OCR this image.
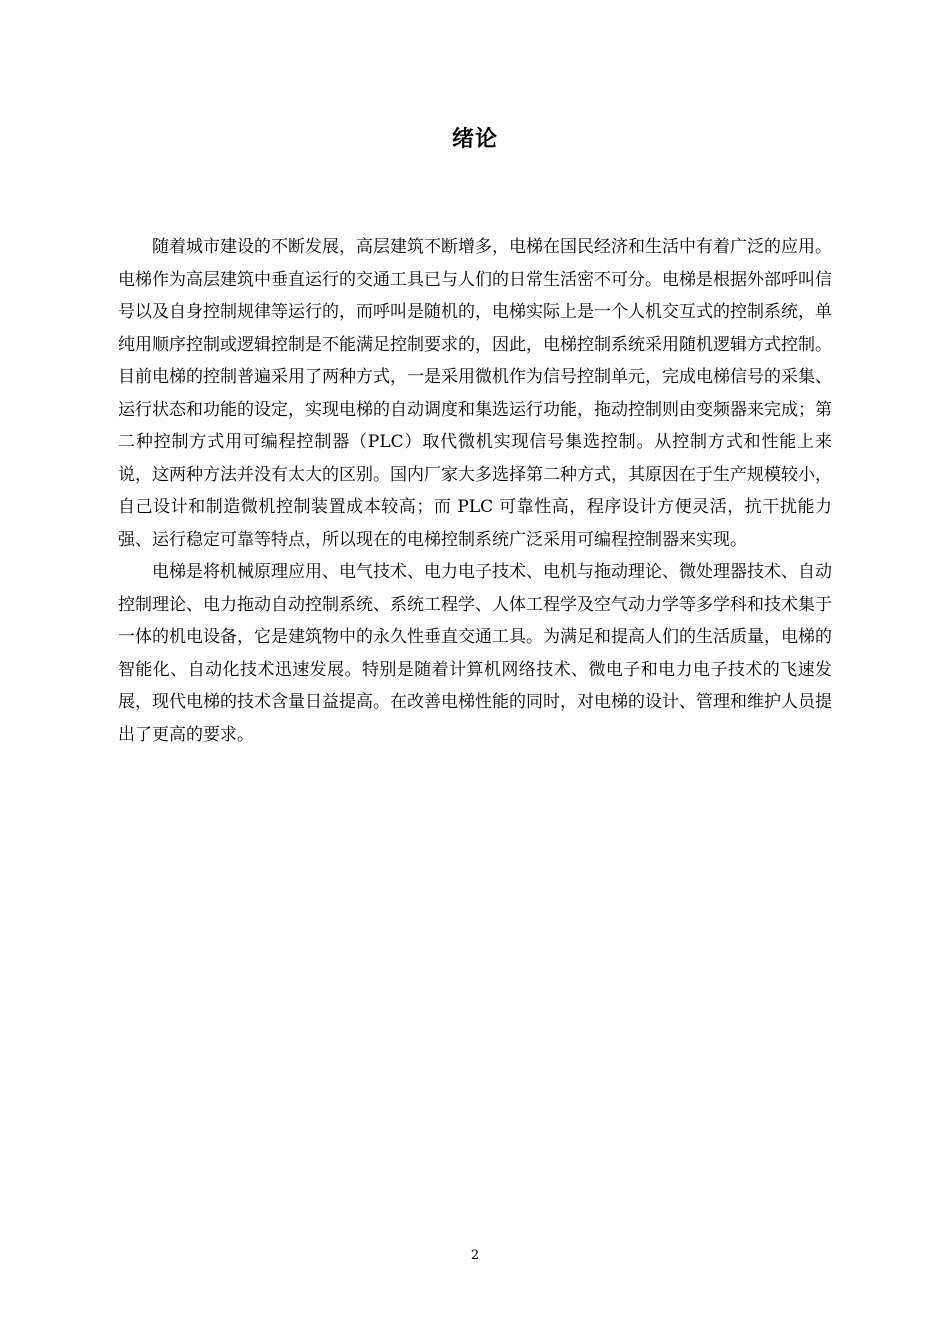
绪论

随着城市建设的不断发展，高层建筑不断增多，电梯在国民经济和生活中有着广泛的应用。电梯作为高层建筑中垂直运行的交通工具已与人们的日常生活密不可分。电梯是根据外部呼叫信号以及自身控制规律等运行的，而呼叫是随机的，电梯实际上是一个人机交互式的控制系统，单纯用顺序控制或逻辑控制是不能满足控制要求的，因此，电梯控制系统采用随机逻辑方式控制。目前电梯的控制普遍采用了两种方式，一是采用微机作为信号控制单元，完成电梯信号的采集、运行状态和功能的设定，实现电梯的自动调度和集选运行功能，拖动控制则由变频器来完成；第二种控制方式用可编程控制器（PLC）取代微机实现信号集选控制。从控制方式和性能上来说，这两种方法并没有太大的区别。国内厂家大多选择第二种方式，其原因在于生产规模较小，自己设计和制造微机控制装置成本较高；而 PLC 可靠性高，程序设计方便灵活，抗干扰能力强、运行稳定可靠等特点，所以现在的电梯控制系统广泛采用可编程控制器来实现。

电梯是将机械原理应用、电气技术、电力电子技术、电机与拖动理论、微处理器技术、自动控制理论、电力拖动自动控制系统、系统工程学、人体工程学及空气动力学等多学科和技术集于一体的机电设备，它是建筑物中的永久性垂直交通工具。为满足和提高人们的生活质量，电梯的智能化、自动化技术迅速发展。特别是随着计算机网络技术、微电子和电力电子技术的飞速发展，现代电梯的技术含量日益提高。在改善电梯性能的同时，对电梯的设计、管理和维护人员提出了更高的要求。

2
